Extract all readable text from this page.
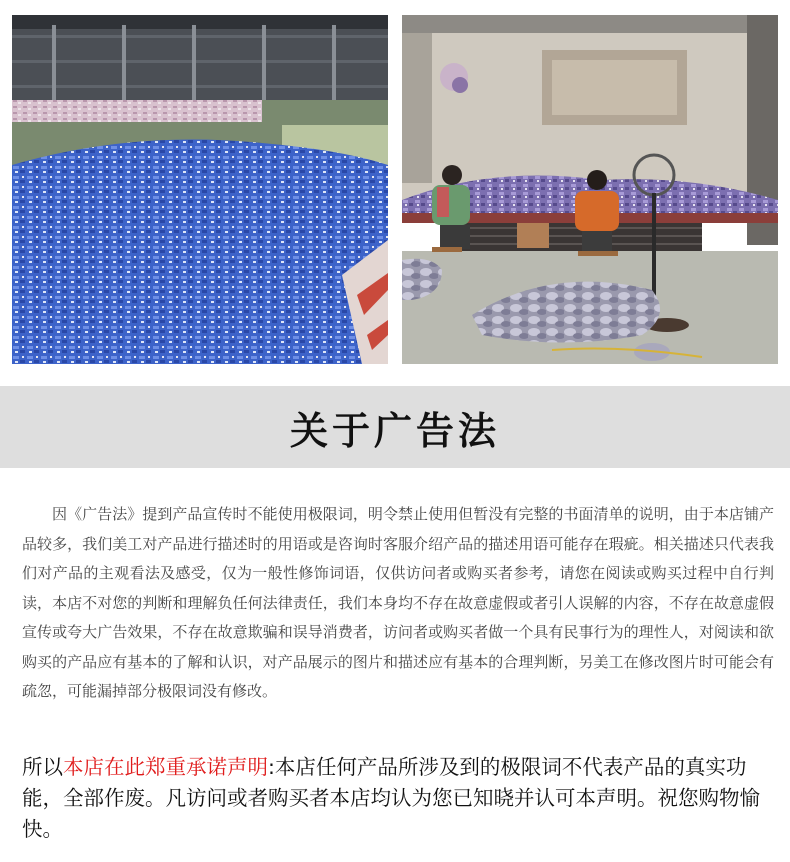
关于广告法
因《广告法》提到产品宣传时不能使用极限词，明令禁止使用但暂没有完整的书面清单的说明，由于本店铺产品较多，我们美工对产品进行描述时的用语或是咨询时客服介绍产品的描述用语可能存在瑕疵。相关描述只代表我们对产品的主观看法及感受，仅为一般性修饰词语，仅供访问者或购买者参考，请您在阅读或购买过程中自行判读，本店不对您的判断和理解负任何法律责任，我们本身均不存在故意虚假或者引人误解的内容，不存在故意虚假宣传或夸大广告效果，不存在故意欺骗和误导消费者，访问者或购买者做一个具有民事行为的理性人，对阅读和欲购买的产品应有基本的了解和认识，对产品展示的图片和描述应有基本的合理判断，另美工在修改图片时可能会有疏忽，可能漏掉部分极限词没有修改。
所以本店在此郑重承诺声明:本店任何产品所涉及到的极限词不代表产品的真实功能，全部作废。凡访问或者购买者本店均认为您已知晓并认可本声明。祝您购物愉快。
